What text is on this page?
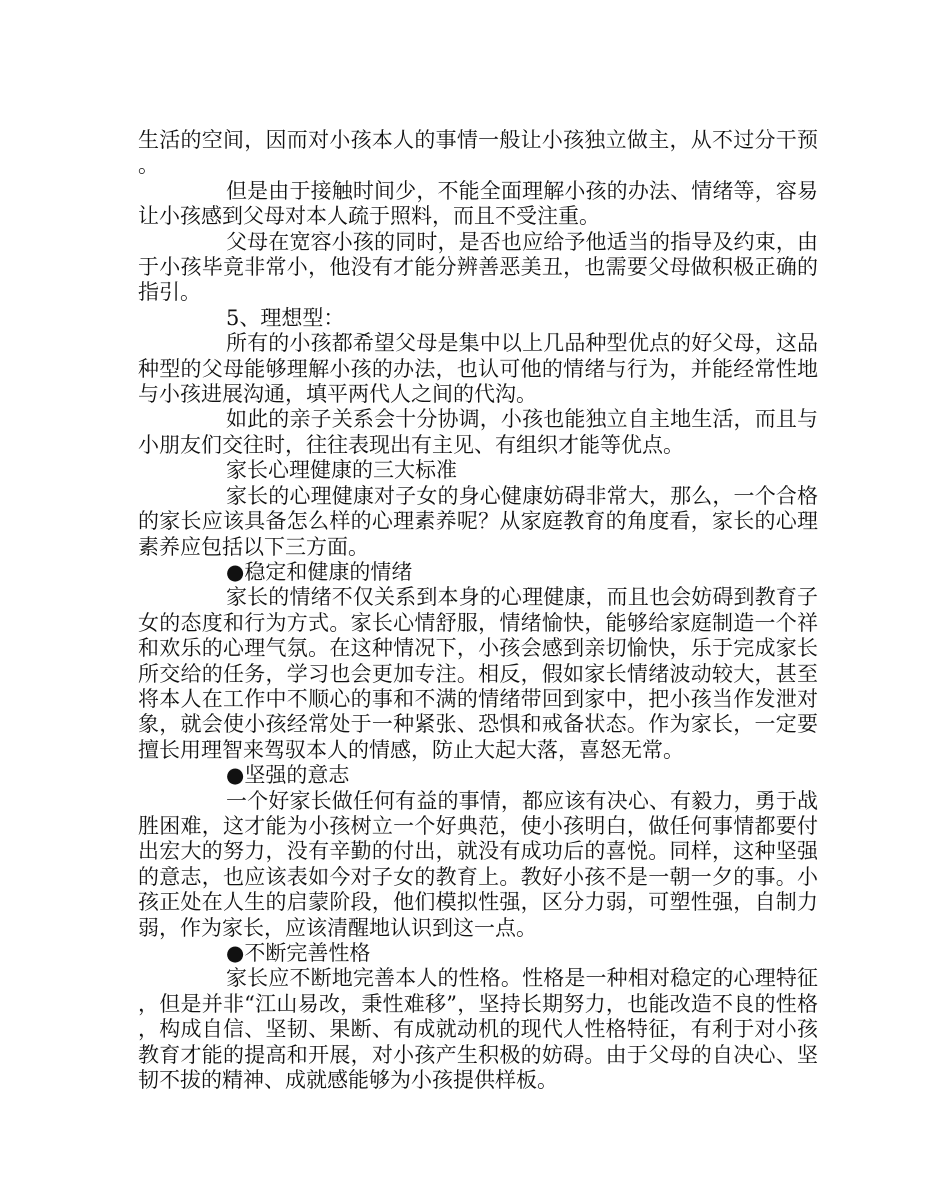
生活的空间，因而对小孩本人的事情一般让小孩独立做主，从不过分干预。

但是由于接触时间少，不能全面理解小孩的办法、情绪等，容易让小孩感到父母对本人疏于照料，而且不受注重。

父母在宽容小孩的同时，是否也应给予他适当的指导及约束，由于小孩毕竟非常小，他没有才能分辨善恶美丑，也需要父母做积极正确的指引。

5、理想型：

所有的小孩都希望父母是集中以上几品种型优点的好父母，这品种型的父母能够理解小孩的办法，也认可他的情绪与行为，并能经常性地与小孩进展沟通，填平两代人之间的代沟。

如此的亲子关系会十分协调，小孩也能独立自主地生活，而且与小朋友们交往时，往往表现出有主见、有组织才能等优点。

家长心理健康的三大标准

家长的心理健康对子女的身心健康妨碍非常大，那么，一个合格的家长应该具备怎么样的心理素养呢？从家庭教育的角度看，家长的心理素养应包括以下三方面。

●稳定和健康的情绪

家长的情绪不仅关系到本身的心理健康，而且也会妨碍到教育子女的态度和行为方式。家长心情舒服，情绪愉快，能够给家庭制造一个祥和欢乐的心理气氛。在这种情况下，小孩会感到亲切愉快，乐于完成家长所交给的任务，学习也会更加专注。相反，假如家长情绪波动较大，甚至将本人在工作中不顺心的事和不满的情绪带回到家中，把小孩当作发泄对象，就会使小孩经常处于一种紧张、恐惧和戒备状态。作为家长，一定要擅长用理智来驾驭本人的情感，防止大起大落，喜怒无常。

●坚强的意志

一个好家长做任何有益的事情，都应该有决心、有毅力，勇于战胜困难，这才能为小孩树立一个好典范，使小孩明白，做任何事情都要付出宏大的努力，没有辛勤的付出，就没有成功后的喜悦。同样，这种坚强的意志，也应该表如今对子女的教育上。教好小孩不是一朝一夕的事。小孩正处在人生的启蒙阶段，他们模拟性强，区分力弱，可塑性强，自制力弱，作为家长，应该清醒地认识到这一点。

●不断完善性格

家长应不断地完善本人的性格。性格是一种相对稳定的心理特征，但是并非“江山易改，秉性难移”，坚持长期努力，也能改造不良的性格，构成自信、坚韧、果断、有成就动机的现代人性格特征，有利于对小孩教育才能的提高和开展，对小孩产生积极的妨碍。由于父母的自决心、坚韧不拔的精神、成就感能够为小孩提供样板。
